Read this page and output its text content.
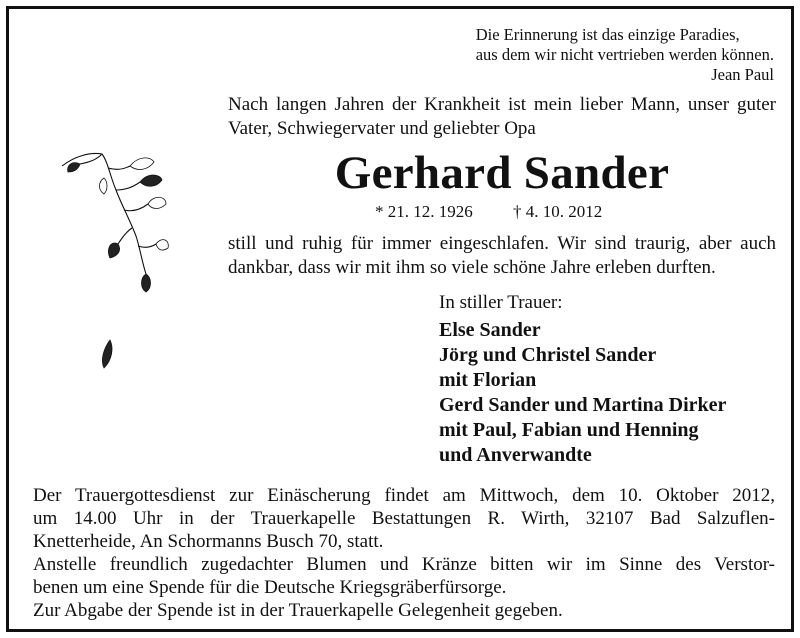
Die Erinnerung ist das einzige Paradies,
aus dem wir nicht vertrieben werden können.
Jean Paul
Nach langen Jahren der Krankheit ist mein lieber Mann, unser guter Vater, Schwiegervater und geliebter Opa
Gerhard Sander
* 21. 12. 1926 † 4. 10. 2012
still und ruhig für immer eingeschlafen. Wir sind traurig, aber auch dankbar, dass wir mit ihm so viele schöne Jahre erleben durften.
In stiller Trauer:
Else Sander
Jörg und Christel Sander
mit Florian
Gerd Sander und Martina Dirker
mit Paul, Fabian und Henning
und Anverwandte
Der Trauergottesdienst zur Einäscherung findet am Mittwoch, dem 10. Oktober 2012,
um 14.00 Uhr in der Trauerkapelle Bestattungen R. Wirth, 32107 Bad Salzuflen-
Knetterheide, An Schormanns Busch 70, statt.
Anstelle freundlich zugedachter Blumen und Kränze bitten wir im Sinne des Verstor-
benen um eine Spende für die Deutsche Kriegsgräberfürsorge.
Zur Abgabe der Spende ist in der Trauerkapelle Gelegenheit gegeben.
